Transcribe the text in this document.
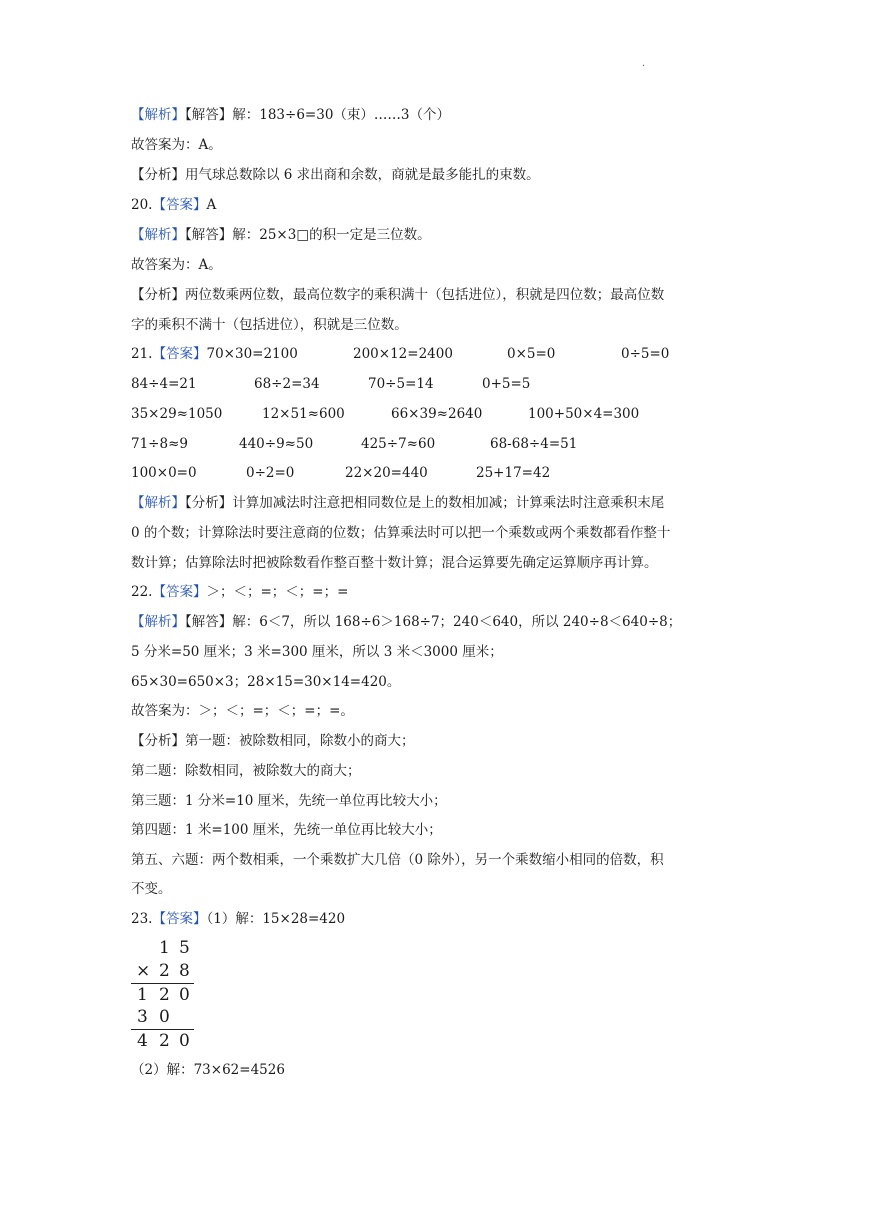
.
【解析】【解答】解：183÷6=30（束）……3（个）
故答案为：A。
【分析】用气球总数除以 6 求出商和余数，商就是最多能扎的束数。
20.【答案】A
【解析】【解答】解：25×3□的积一定是三位数。
故答案为：A。
【分析】两位数乘两位数，最高位数字的乘积满十（包括进位），积就是四位数；最高位数
字的乘积不满十（包括进位），积就是三位数。
21.【答案】70×30=2100	200×12=2400	0×5=0	0÷5=0
84÷4=21	68÷2=34	70÷5=14	0+5=5
35×29≈1050	12×51≈600	66×39≈2640	100+50×4=300
71÷8≈9	440÷9≈50	425÷7≈60	68-68÷4=51
100×0=0	0÷2=0	22×20=440	25+17=42
【解析】【分析】计算加减法时注意把相同数位是上的数相加减；计算乘法时注意乘积末尾
0 的个数；计算除法时要注意商的位数；估算乘法时可以把一个乘数或两个乘数都看作整十
数计算；估算除法时把被除数看作整百整十数计算；混合运算要先确定运算顺序再计算。
22.【答案】＞；＜；=；＜；=；=
【解析】【解答】解：6＜7，所以 168÷6＞168÷7；240＜640，所以 240÷8＜640÷8；
5 分米=50 厘米；3 米=300 厘米，所以 3 米＜3000 厘米；
65×30=650×3；28×15=30×14=420。
故答案为：＞；＜；=；＜；=；=。
【分析】第一题：被除数相同，除数小的商大；
第二题：除数相同，被除数大的商大；
第三题：1 分米=10 厘米，先统一单位再比较大小；
第四题：1 米=100 厘米，先统一单位再比较大小；
第五、六题：两个数相乘，一个乘数扩大几倍（0 除外），另一个乘数缩小相同的倍数，积
不变。
23.【答案】（1）解：15×28=420
1 5
× 2 8
1 2 0
3 0
4 2 0
（2）解：73×62=4526
